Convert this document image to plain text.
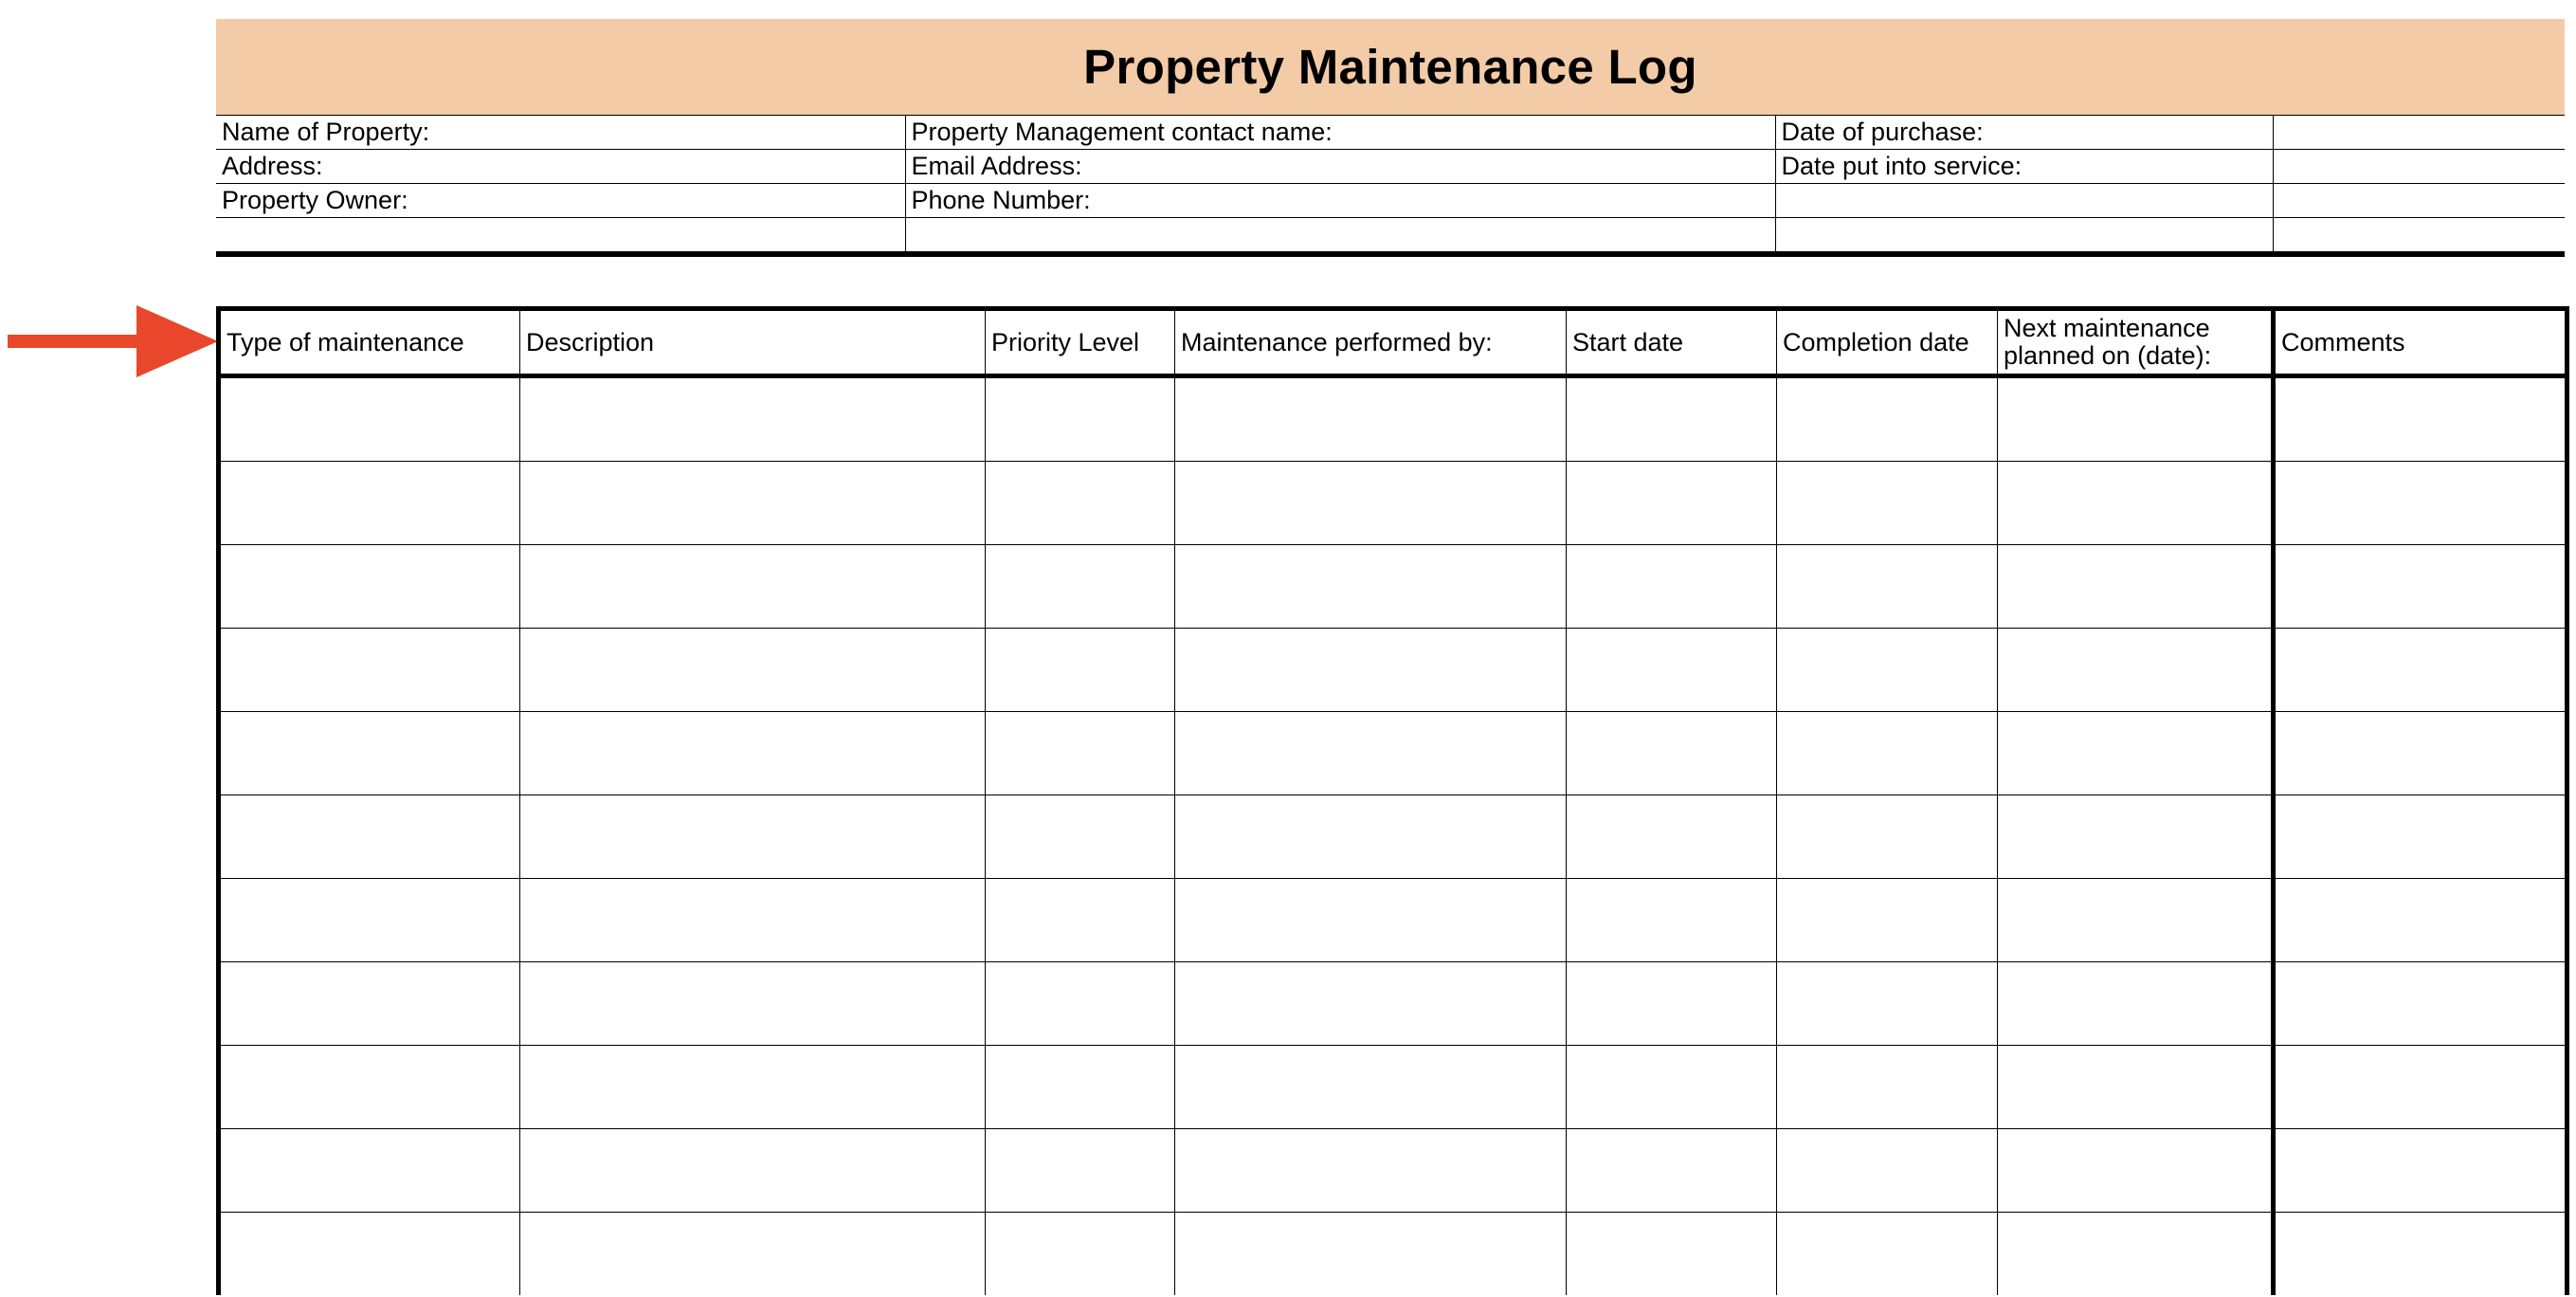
Property Maintenance Log
Name of Property:	Property Management contact name:	Date of purchase:	
Address:	Email Address:	Date put into service:	
Property Owner:	Phone Number:		

Type of maintenance	Description	Priority Level	Maintenance performed by:	Start date	Completion date	Next maintenance planned on (date):	Comments
